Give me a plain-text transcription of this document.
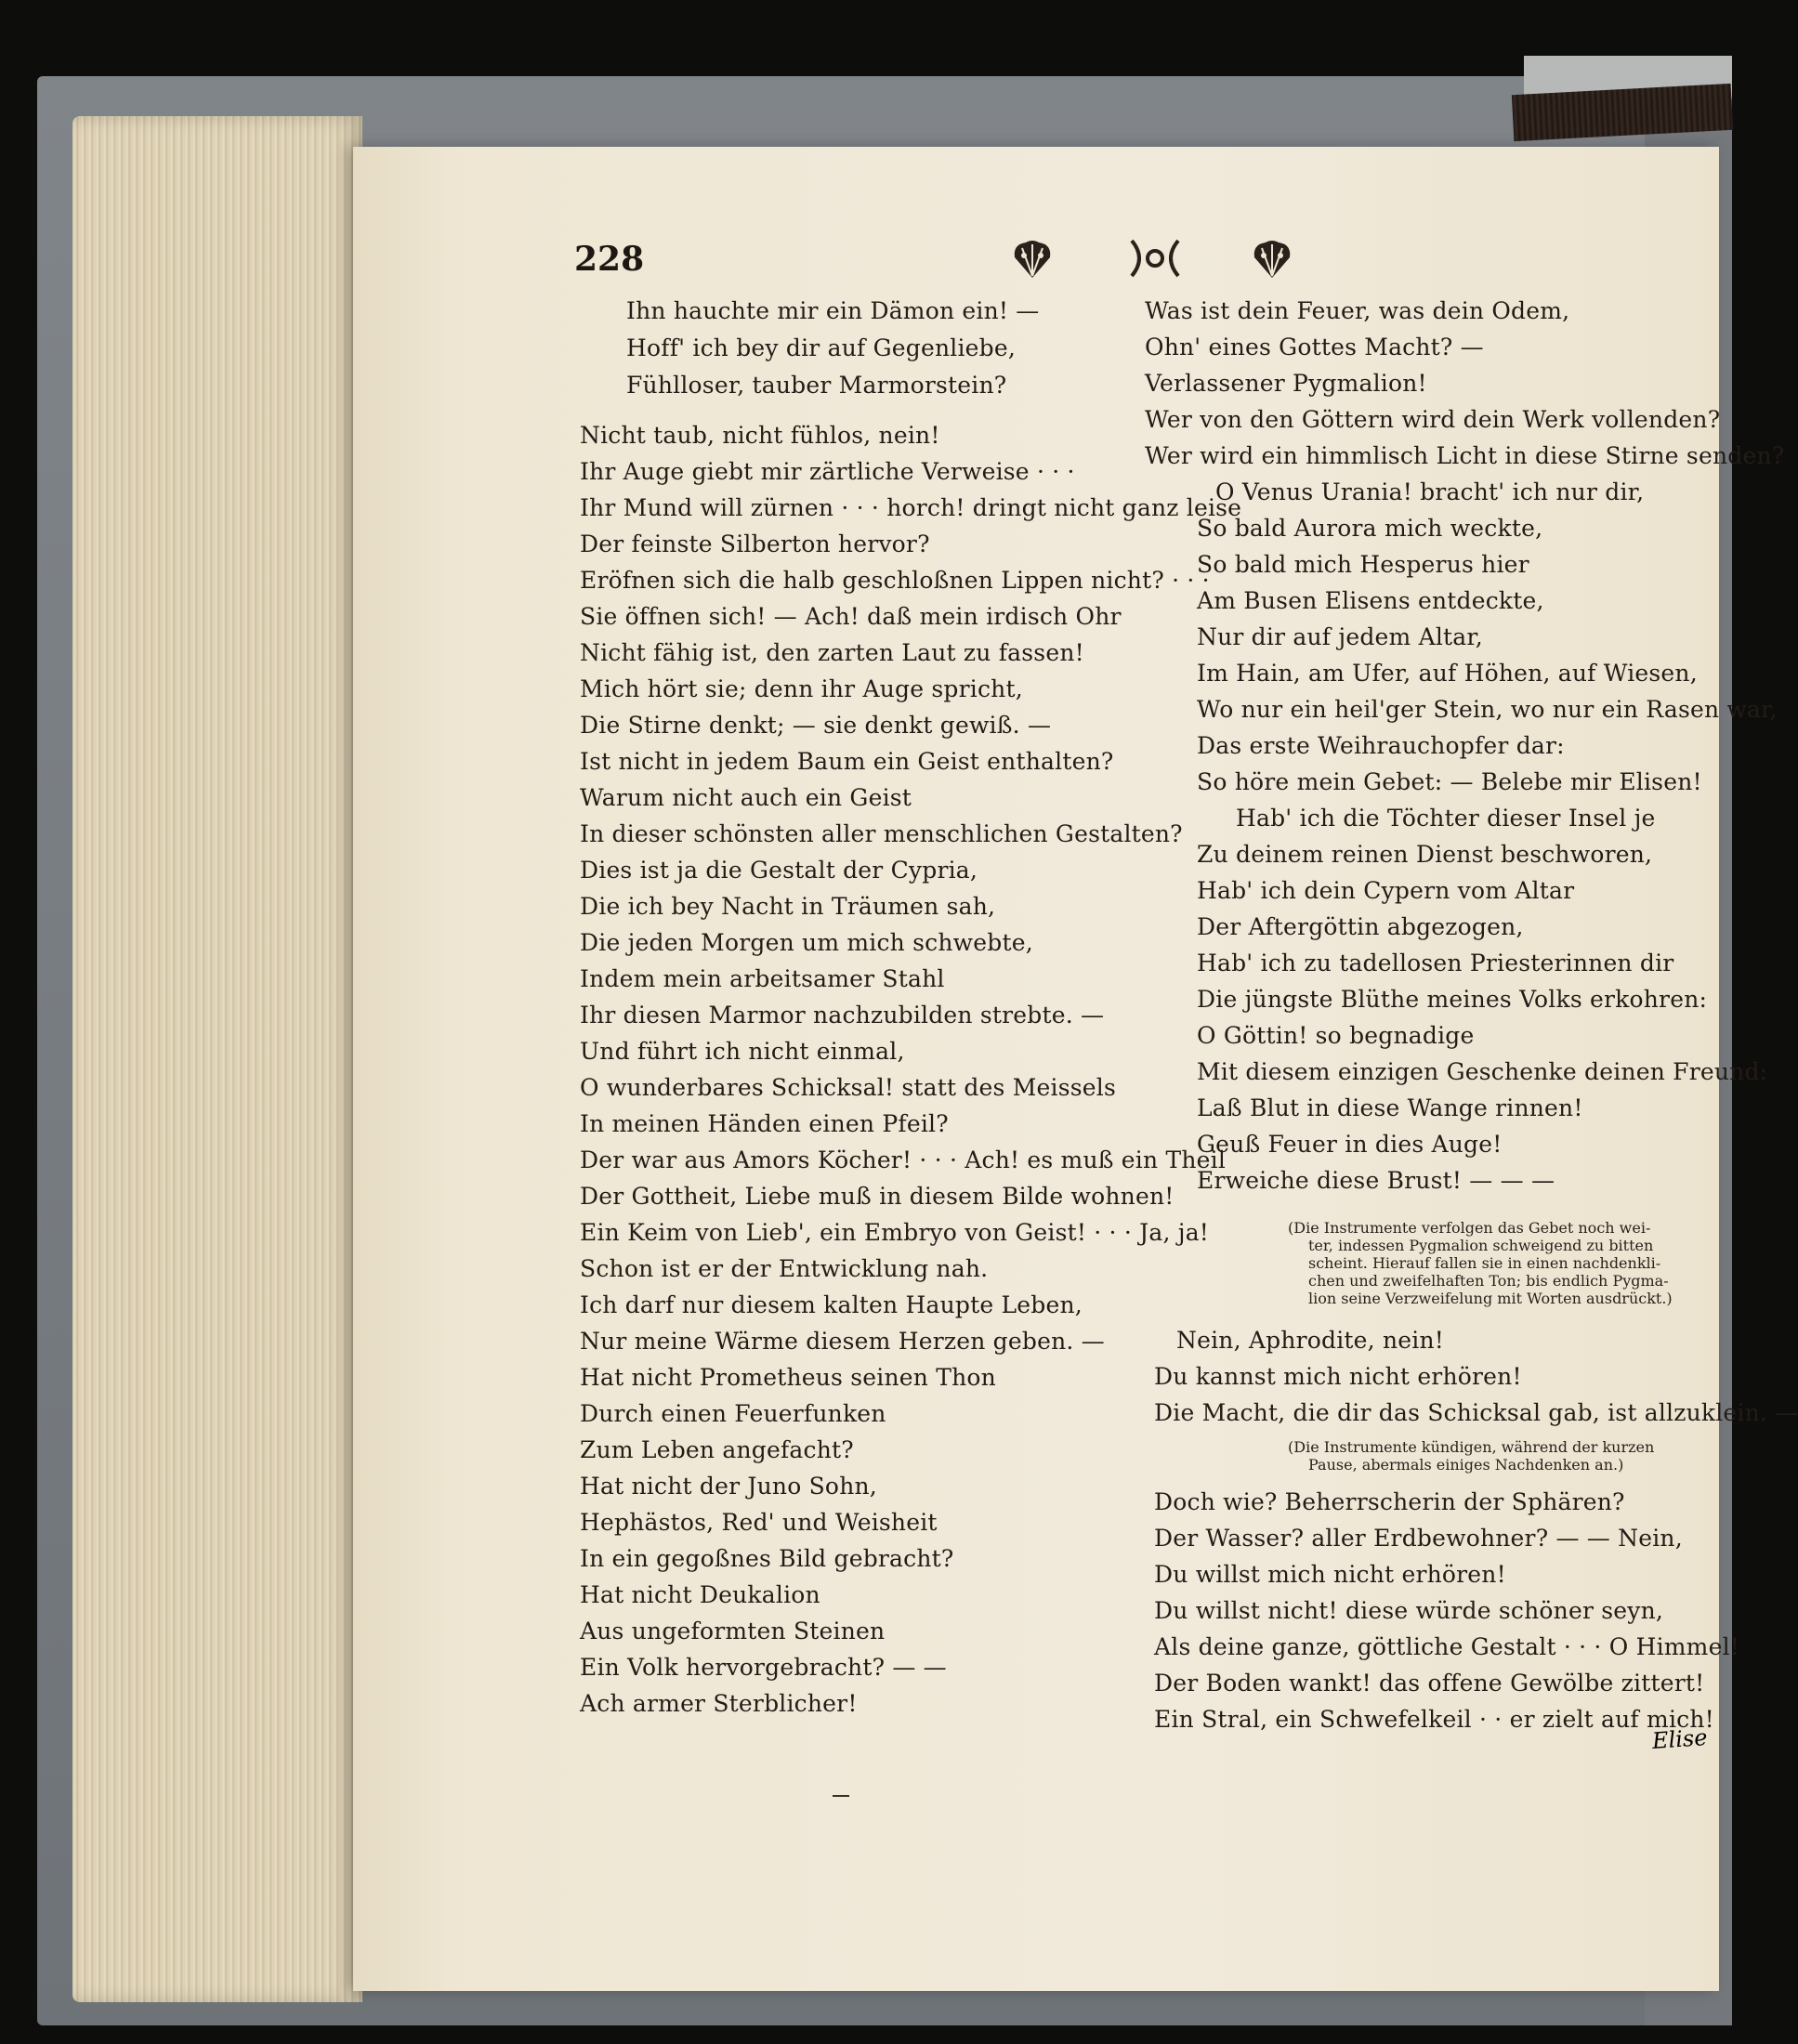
228
Ihn hauchte mir ein Dämon ein! —
Hoff' ich bey dir auf Gegenliebe,
Fühlloser, tauber Marmorstein?
Nicht taub, nicht fühlos, nein!
Ihr Auge giebt mir zärtliche Verweise · · ·
Ihr Mund will zürnen · · · horch! dringt nicht ganz leise
Der feinste Silberton hervor?
Eröfnen sich die halb geschloßnen Lippen nicht? · · ·
Sie öffnen sich! — Ach! daß mein irdisch Ohr
Nicht fähig ist, den zarten Laut zu fassen!
Mich hört sie; denn ihr Auge spricht,
Die Stirne denkt; — sie denkt gewiß. —
Ist nicht in jedem Baum ein Geist enthalten?
Warum nicht auch ein Geist
In dieser schönsten aller menschlichen Gestalten?
Dies ist ja die Gestalt der Cypria,
Die ich bey Nacht in Träumen sah,
Die jeden Morgen um mich schwebte,
Indem mein arbeitsamer Stahl
Ihr diesen Marmor nachzubilden strebte. —
Und führt ich nicht einmal,
O wunderbares Schicksal! statt des Meissels
In meinen Händen einen Pfeil?
Der war aus Amors Köcher! · · · Ach! es muß ein Theil
Der Gottheit, Liebe muß in diesem Bilde wohnen!
Ein Keim von Lieb', ein Embryo von Geist! · · · Ja, ja!
Schon ist er der Entwicklung nah.
Ich darf nur diesem kalten Haupte Leben,
Nur meine Wärme diesem Herzen geben. —
Hat nicht Prometheus seinen Thon
Durch einen Feuerfunken
Zum Leben angefacht?
Hat nicht der Juno Sohn,
Hephästos, Red' und Weisheit
In ein gegoßnes Bild gebracht?
Hat nicht Deukalion
Aus ungeformten Steinen
Ein Volk hervorgebracht? — —
Ach armer Sterblicher!
Was ist dein Feuer, was dein Odem,
Ohn' eines Gottes Macht? —
Verlassener Pygmalion!
Wer von den Göttern wird dein Werk vollenden?
Wer wird ein himmlisch Licht in diese Stirne senden?
O Venus Urania! bracht' ich nur dir,
So bald Aurora mich weckte,
So bald mich Hesperus hier
Am Busen Elisens entdeckte,
Nur dir auf jedem Altar,
Im Hain, am Ufer, auf Höhen, auf Wiesen,
Wo nur ein heil'ger Stein, wo nur ein Rasen war,
Das erste Weihrauchopfer dar:
So höre mein Gebet: — Belebe mir Elisen!
Hab' ich die Töchter dieser Insel je
Zu deinem reinen Dienst beschworen,
Hab' ich dein Cypern vom Altar
Der Aftergöttin abgezogen,
Hab' ich zu tadellosen Priesterinnen dir
Die jüngste Blüthe meines Volks erkohren:
O Göttin! so begnadige
Mit diesem einzigen Geschenke deinen Freund:
Laß Blut in diese Wange rinnen!
Geuß Feuer in dies Auge!
Erweiche diese Brust! — — —
(Die Instrumente verfolgen das Gebet noch wei-
ter, indessen Pygmalion schweigend zu bitten
scheint. Hierauf fallen sie in einen nachdenkli-
chen und zweifelhaften Ton; bis endlich Pygma-
lion seine Verzweifelung mit Worten ausdrückt.)
Nein, Aphrodite, nein!
Du kannst mich nicht erhören!
Die Macht, die dir das Schicksal gab, ist allzuklein. —
(Die Instrumente kündigen, während der kurzen
Pause, abermals einiges Nachdenken an.)
Doch wie? Beherrscherin der Sphären?
Der Wasser? aller Erdbewohner? — — Nein,
Du willst mich nicht erhören!
Du willst nicht! diese würde schöner seyn,
Als deine ganze, göttliche Gestalt · · · O Himmel!
Der Boden wankt! das offene Gewölbe zittert!
Ein Stral, ein Schwefelkeil · · er zielt auf mich!
Elise
